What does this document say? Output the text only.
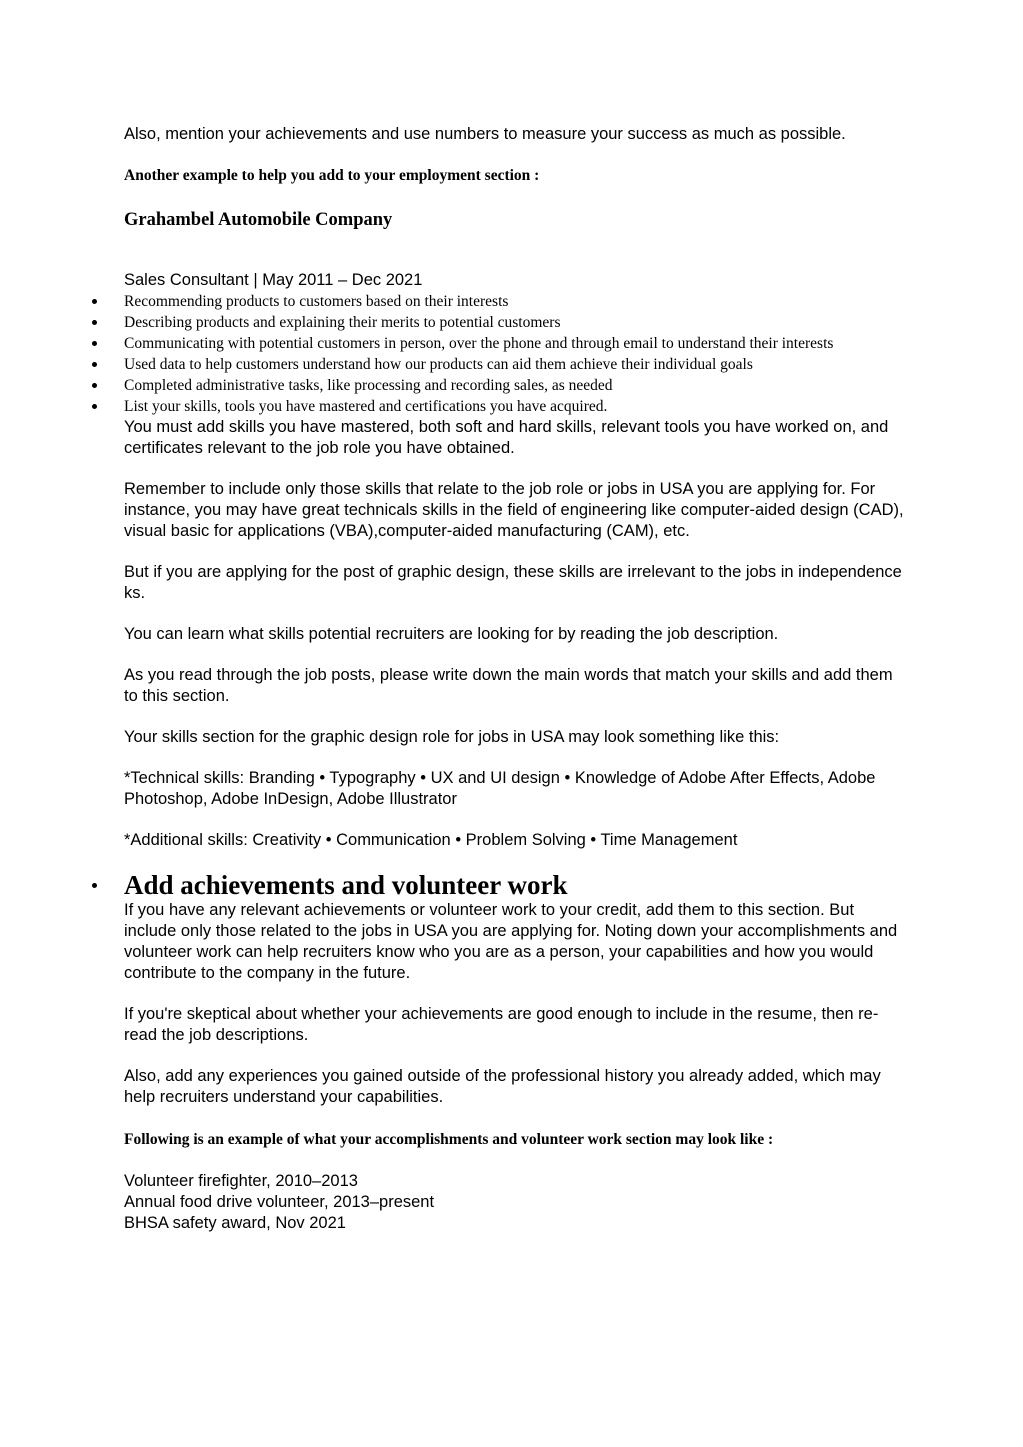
Also, mention your achievements and use numbers to measure your success as much as possible.

Another example to help you add to your employment section :

Grahambel Automobile Company

Sales Consultant | May 2011 – Dec 2021

Recommending products to customers based on their interests
Describing products and explaining their merits to potential customers
Communicating with potential customers in person, over the phone and through email to understand their interests
Used data to help customers understand how our products can aid them achieve their individual goals
Completed administrative tasks, like processing and recording sales, as needed
List your skills, tools you have mastered and certifications you have acquired.

You must add skills you have mastered, both soft and hard skills, relevant tools you have worked on, and certificates relevant to the job role you have obtained.

Remember to include only those skills that relate to the job role or jobs in USA you are applying for. For instance, you may have great technicals skills in the field of engineering like computer-aided design (CAD), visual basic for applications (VBA),computer-aided manufacturing (CAM), etc.

But if you are applying for the post of graphic design, these skills are irrelevant to the jobs in independence ks.

You can learn what skills potential recruiters are looking for by reading the job description.

As you read through the job posts, please write down the main words that match your skills and add them to this section.

Your skills section for the graphic design role for jobs in USA may look something like this:

*Technical skills: Branding • Typography • UX and UI design • Knowledge of Adobe After Effects, Adobe Photoshop, Adobe InDesign, Adobe Illustrator

*Additional skills: Creativity • Communication • Problem Solving • Time Management

Add achievements and volunteer work

If you have any relevant achievements or volunteer work to your credit, add them to this section. But include only those related to the jobs in USA you are applying for. Noting down your accomplishments and volunteer work can help recruiters know who you are as a person, your capabilities and how you would contribute to the company in the future.

If you're skeptical about whether your achievements are good enough to include in the resume, then re-read the job descriptions.

Also, add any experiences you gained outside of the professional history you already added, which may help recruiters understand your capabilities.

Following is an example of what your accomplishments and volunteer work section may look like :

Volunteer firefighter, 2010–2013

Annual food drive volunteer, 2013–present

BHSA safety award, Nov 2021
